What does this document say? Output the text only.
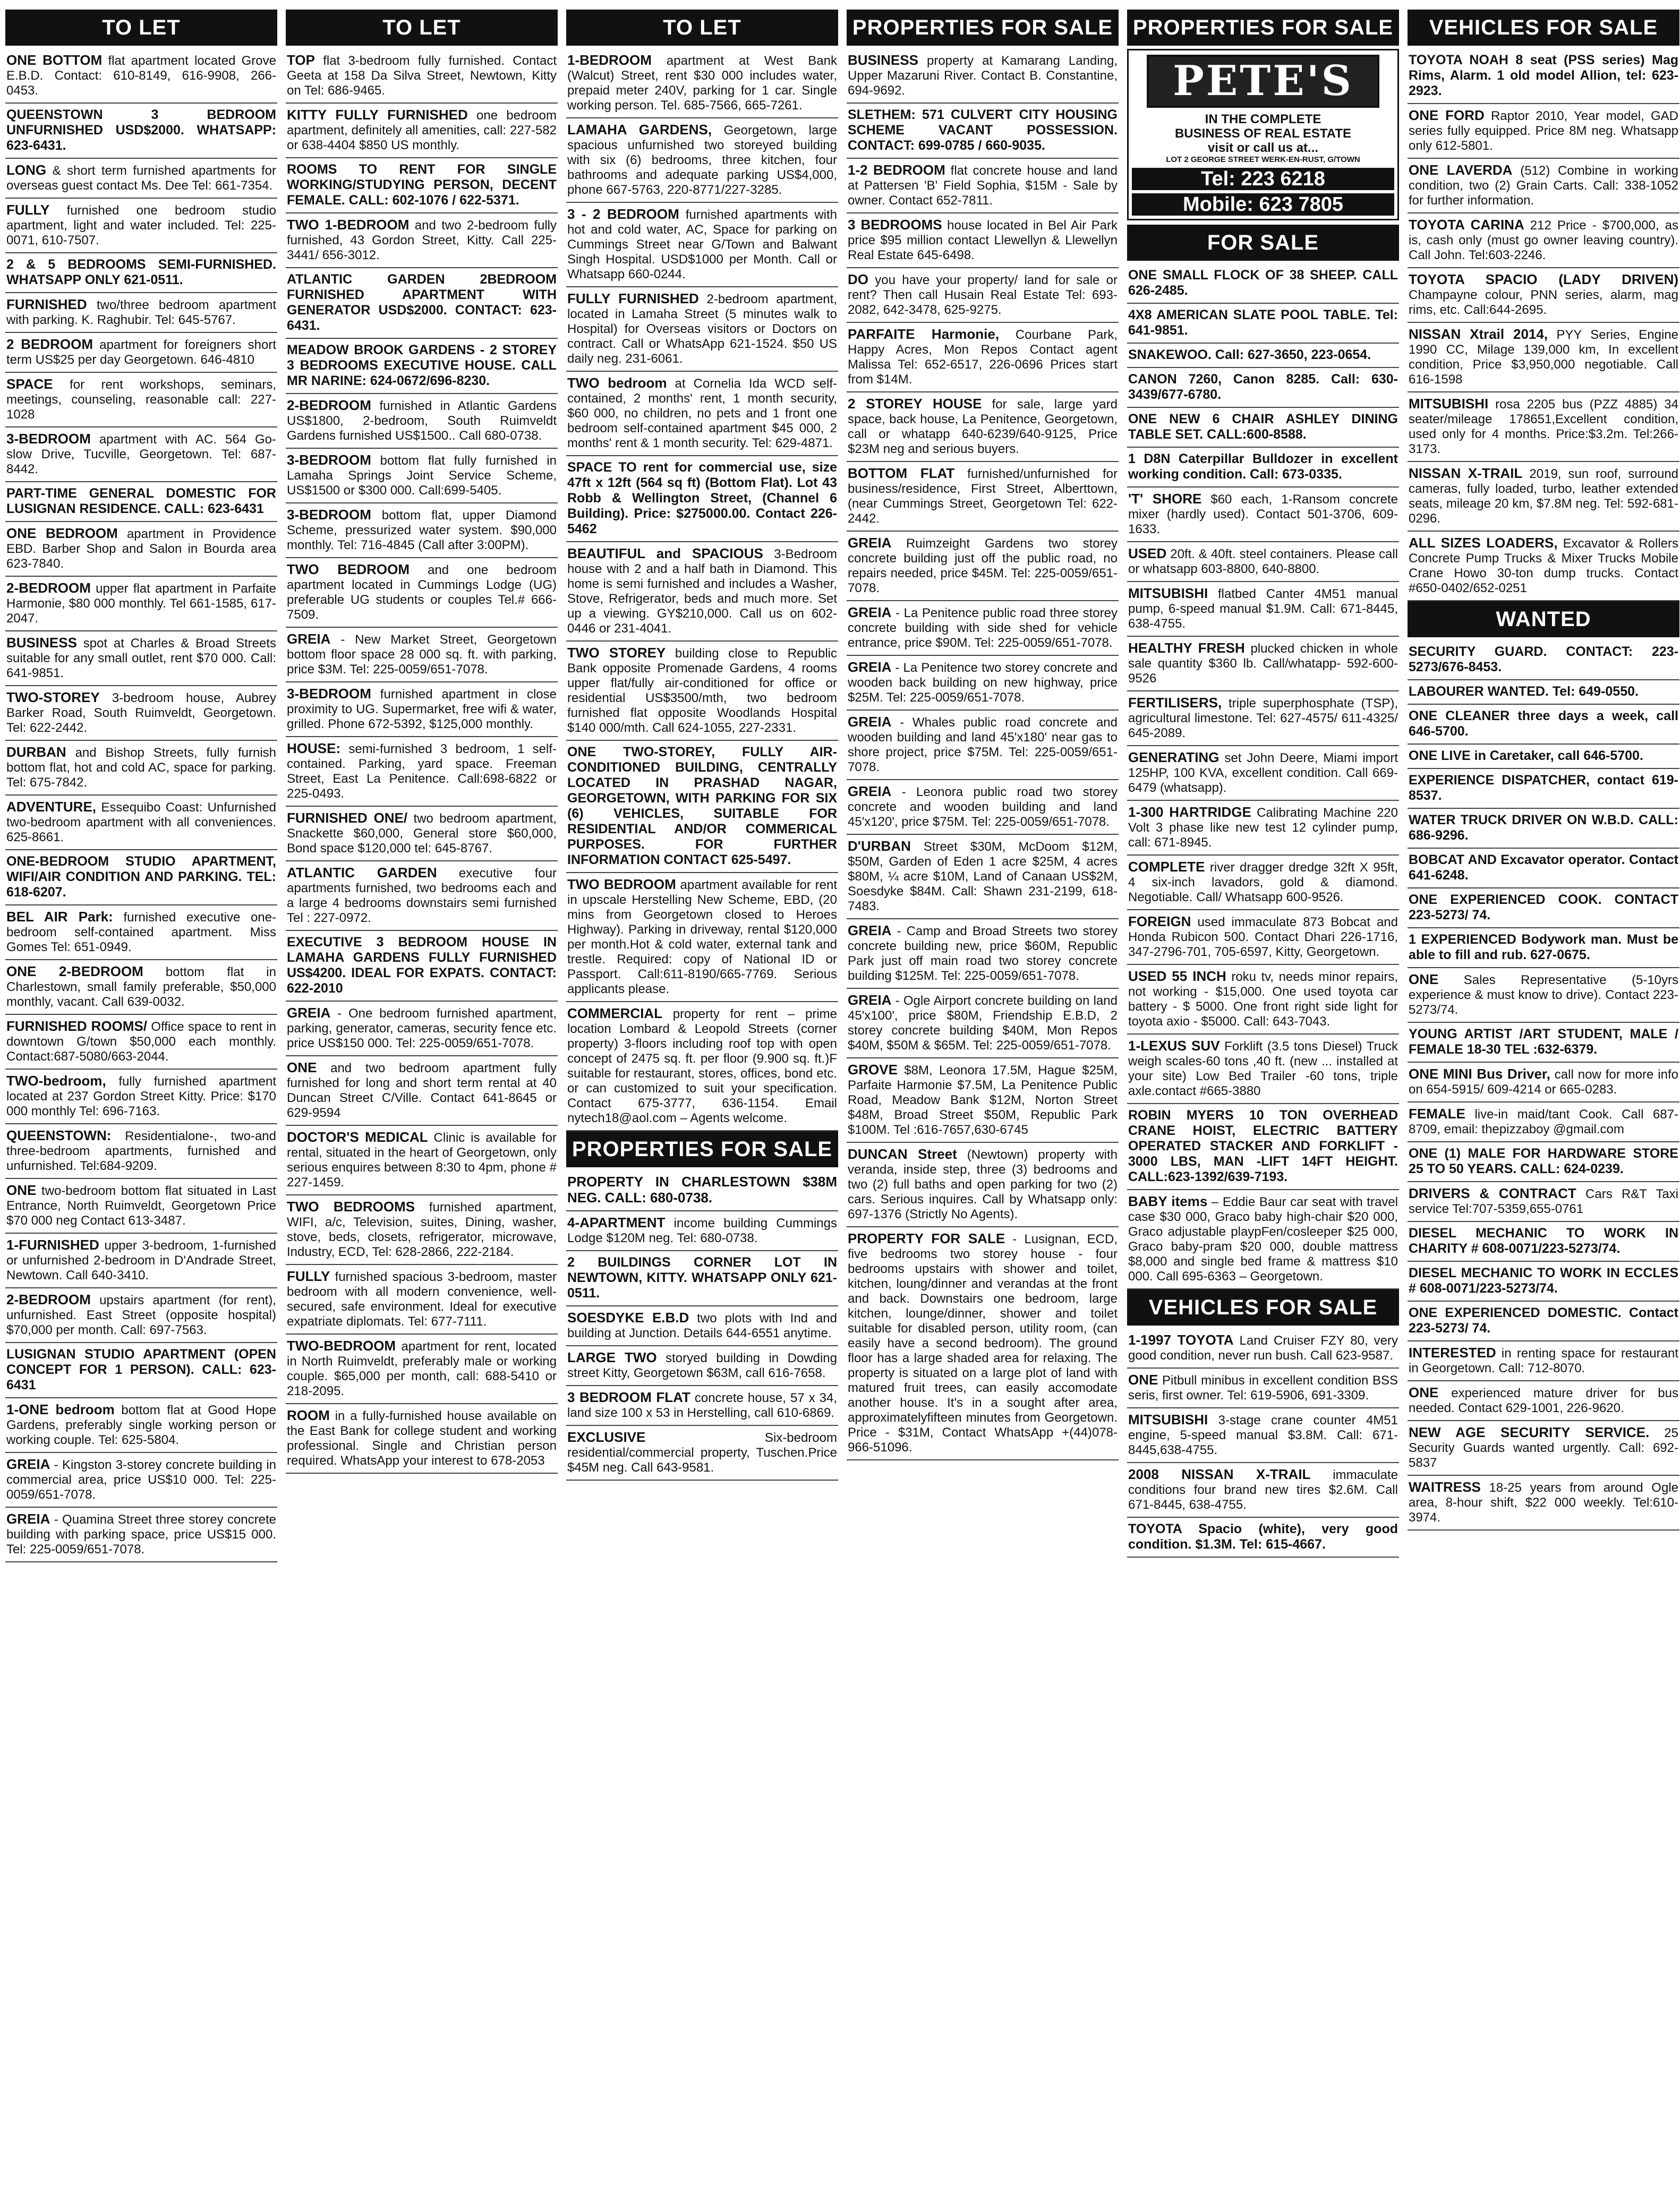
TO LET
ONE BOTTOM flat apartment located Grove E.B.D. Contact: 610-8149, 616-9908, 266-0453.
QUEENSTOWN 3 BEDROOM UNFURNISHED USD$2000. WHATSAPP: 623-6431.
LONG & short term furnished apartments for overseas guest contact Ms. Dee Tel: 661-7354.
FULLY furnished one bedroom studio apartment, light and water included. Tel: 225-0071, 610-7507.
2 & 5 BEDROOMS SEMI-FURNISHED. WHATSAPP ONLY 621-0511.
FURNISHED two/three bedroom apartment with parking. K. Raghubir. Tel: 645-5767.
2 BEDROOM apartment for foreigners short term US$25 per day Georgetown. 646-4810
SPACE for rent workshops, seminars, meetings, counseling, reasonable call: 227-1028
3-BEDROOM apartment with AC. 564 Go-slow Drive, Tucville, Georgetown. Tel: 687-8442.
PART-TIME GENERAL DOMESTIC FOR LUSIGNAN RESIDENCE. CALL: 623-6431
ONE BEDROOM apartment in Providence EBD. Barber Shop and Salon in Bourda area 623-7840.
2-BEDROOM upper flat apartment in Parfaite Harmonie, $80 000 monthly. Tel 661-1585, 617-2047.
BUSINESS spot at Charles & Broad Streets suitable for any small outlet, rent $70 000. Call: 641-9851.
TWO-STOREY 3-bedroom house, Aubrey Barker Road, South Ruimveldt, Georgetown. Tel: 622-2442.
DURBAN and Bishop Streets, fully furnish bottom flat, hot and cold AC, space for parking. Tel: 675-7842.
ADVENTURE, Essequibo Coast: Unfurnished two-bedroom apartment with all conveniences. 625-8661.
ONE-BEDROOM STUDIO APARTMENT, WIFI/AIR CONDITION AND PARKING. TEL: 618-6207.
BEL AIR Park: furnished executive one-bedroom self-contained apartment. Miss Gomes Tel: 651-0949.
ONE 2-BEDROOM bottom flat in Charlestown, small family preferable, $50,000 monthly, vacant. Call 639-0032.
FURNISHED ROOMS/ Office space to rent in downtown G/town $50,000 each monthly. Contact:687-5080/663-2044.
TWO-bedroom, fully furnished apartment located at 237 Gordon Street Kitty. Price: $170 000 monthly Tel: 696-7163.
QUEENSTOWN: Residentialone-, two-and three-bedroom apartments, furnished and unfurnished. Tel:684-9209.
ONE two-bedroom bottom flat situated in Last Entrance, North Ruimveldt, Georgetown Price $70 000 neg Contact 613-3487.
1-FURNISHED upper 3-bedroom, 1-furnished or unfurnished 2-bedroom in D'Andrade Street, Newtown. Call 640-3410.
2-BEDROOM upstairs apartment (for rent), unfurnished. East Street (opposite hospital) $70,000 per month. Call: 697-7563.
LUSIGNAN STUDIO APARTMENT (OPEN CONCEPT FOR 1 PERSON). CALL: 623-6431
1-ONE bedroom bottom flat at Good Hope Gardens, preferably single working person or working couple. Tel: 625-5804.
GREIA - Kingston 3-storey concrete building in commercial area, price US$10 000. Tel: 225-0059/651-7078.
GREIA - Quamina Street three storey concrete building with parking space, price US$15 000. Tel: 225-0059/651-7078.
TO LET
TOP flat 3-bedroom fully furnished. Contact Geeta at 158 Da Silva Street, Newtown, Kitty on Tel: 686-9465.
KITTY FULLY FURNISHED one bedroom apartment, definitely all amenities, call: 227-582 or 638-4404 $850 US monthly.
ROOMS TO RENT FOR SINGLE WORKING/STUDYING PERSON, DECENT FEMALE. CALL: 602-1076 / 622-5371.
TWO 1-BEDROOM and two 2-bedroom fully furnished, 43 Gordon Street, Kitty. Call 225- 3441/ 656-3012.
ATLANTIC GARDEN 2BEDROOM FURNISHED APARTMENT WITH GENERATOR USD$2000. CONTACT: 623-6431.
MEADOW BROOK GARDENS - 2 STOREY 3 BEDROOMS EXECUTIVE HOUSE. CALL MR NARINE: 624-0672/696-8230.
2-BEDROOM furnished in Atlantic Gardens US$1800, 2-bedroom, South Ruimveldt Gardens furnished US$1500.. Call 680-0738.
3-BEDROOM bottom flat fully furnished in Lamaha Springs Joint Service Scheme, US$1500 or $300 000. Call:699-5405.
3-BEDROOM bottom flat, upper Diamond Scheme, pressurized water system. $90,000 monthly. Tel: 716-4845 (Call after 3:00PM).
TWO BEDROOM and one bedroom apartment located in Cummings Lodge (UG) preferable UG students or couples Tel.# 666-7509.
GREIA - New Market Street, Georgetown bottom floor space 28 000 sq. ft. with parking, price $3M. Tel: 225-0059/651-7078.
3-BEDROOM furnished apartment in close proximity to UG. Supermarket, free wifi & water, grilled. Phone 672-5392, $125,000 monthly.
HOUSE: semi-furnished 3 bedroom, 1 self-contained. Parking, yard space. Freeman Street, East La Penitence. Call:698-6822 or 225-0493.
FURNISHED ONE/ two bedroom apartment, Snackette $60,000, General store $60,000, Bond space $120,000 tel: 645-8767.
ATLANTIC GARDEN executive four apartments furnished, two bedrooms each and a large 4 bedrooms downstairs semi furnished Tel : 227-0972.
EXECUTIVE 3 BEDROOM HOUSE IN LAMAHA GARDENS FULLY FURNISHED US$4200. IDEAL FOR EXPATS. CONTACT: 622-2010
GREIA - One bedroom furnished apartment, parking, generator, cameras, security fence etc. price US$150 000. Tel: 225-0059/651-7078.
ONE and two bedroom apartment fully furnished for long and short term rental at 40 Duncan Street C/Ville. Contact 641-8645 or 629-9594
DOCTOR'S MEDICAL Clinic is available for rental, situated in the heart of Georgetown, only serious enquires between 8:30 to 4pm, phone # 227-1459.
TWO BEDROOMS furnished apartment, WIFI, a/c, Television, suites, Dining, washer, stove, beds, closets, refrigerator, microwave, Industry, ECD, Tel: 628-2866, 222-2184.
FULLY furnished spacious 3-bedroom, master bedroom with all modern convenience, well-secured, safe environment. Ideal for executive expatriate diplomats. Tel: 677-7111.
TWO-BEDROOM apartment for rent, located in North Ruimveldt, preferably male or working couple. $65,000 per month, call: 688-5410 or 218-2095.
ROOM in a fully-furnished house available on the East Bank for college student and working professional. Single and Christian person required. WhatsApp your interest to 678-2053
TO LET
1-BEDROOM apartment at West Bank (Walcut) Street, rent $30 000 includes water, prepaid meter 240V, parking for 1 car. Single working person. Tel. 685-7566, 665-7261.
LAMAHA GARDENS, Georgetown, large spacious unfurnished two storeyed building with six (6) bedrooms, three kitchen, four bathrooms and adequate parking US$4,000, phone 667-5763, 220-8771/227-3285.
3 - 2 BEDROOM furnished apartments with hot and cold water, AC, Space for parking on Cummings Street near G/Town and Balwant Singh Hospital. USD$1000 per Month. Call or Whatsapp 660-0244.
FULLY FURNISHED 2-bedroom apartment, located in Lamaha Street (5 minutes walk to Hospital) for Overseas visitors or Doctors on contract. Call or WhatsApp 621-1524. $50 US daily neg. 231-6061.
TWO bedroom at Cornelia Ida WCD self-contained, 2 months' rent, 1 month security, $60 000, no children, no pets and 1 front one bedroom self-contained apartment $45 000, 2 months' rent & 1 month security. Tel: 629-4871.
SPACE TO rent for commercial use, size 47ft x 12ft (564 sq ft) (Bottom Flat). Lot 43 Robb & Wellington Street, (Channel 6 Building). Price: $275000.00. Contact 226-5462
BEAUTIFUL and SPACIOUS 3-Bedroom house with 2 and a half bath in Diamond. This home is semi furnished and includes a Washer, Stove, Refrigerator, beds and much more. Set up a viewing. GY$210,000. Call us on 602-0446 or 231-4041.
TWO STOREY building close to Republic Bank opposite Promenade Gardens, 4 rooms upper flat/fully air-conditioned for office or residential US$3500/mth, two bedroom furnished flat opposite Woodlands Hospital $140 000/mth. Call 624-1055, 227-2331.
ONE TWO-STOREY, FULLY AIR-CONDITIONED BUILDING, CENTRALLY LOCATED IN PRASHAD NAGAR, GEORGETOWN, WITH PARKING FOR SIX (6) VEHICLES, SUITABLE FOR RESIDENTIAL AND/OR COMMERICAL PURPOSES. FOR FURTHER INFORMATION CONTACT 625-5497.
TWO BEDROOM apartment available for rent in upscale Herstelling New Scheme, EBD, (20 mins from Georgetown closed to Heroes Highway). Parking in driveway, rental $120,000 per month.Hot & cold water, external tank and trestle. Required: copy of National ID or Passport. Call:611-8190/665-7769. Serious applicants please.
COMMERCIAL property for rent – prime location Lombard & Leopold Streets (corner property) 3-floors including roof top with open concept of 2475 sq. ft. per floor (9.900 sq. ft.)F suitable for restaurant, stores, offices, bond etc. or can customized to suit your specification. Contact 675-3777, 636-1154. Email nytech18@aol.com – Agents welcome.
PROPERTIES FOR SALE
PROPERTY IN CHARLESTOWN $38M NEG. CALL: 680-0738.
4-APARTMENT income building Cummings Lodge $120M neg. Tel: 680-0738.
2 BUILDINGS CORNER LOT IN NEWTOWN, KITTY. WHATSAPP ONLY 621-0511.
SOESDYKE E.B.D two plots with Ind and building at Junction. Details 644-6551 anytime.
LARGE TWO storyed building in Dowding street Kitty, Georgetown $63M, call 616-7658.
3 BEDROOM FLAT concrete house, 57 x 34, land size 100 x 53 in Herstelling, call 610-6869.
EXCLUSIVE Six-bedroom residential/commercial property, Tuschen.Price $45M neg. Call 643-9581.
PROPERTIES FOR SALE
BUSINESS property at Kamarang Landing, Upper Mazaruni River. Contact B. Constantine, 694-9692.
SLETHEM: 571 CULVERT CITY HOUSING SCHEME VACANT POSSESSION. CONTACT: 699-0785 / 660-9035.
1-2 BEDROOM flat concrete house and land at Pattersen 'B' Field Sophia, $15M - Sale by owner. Contact 652-7811.
3 BEDROOMS house located in Bel Air Park price $95 million contact Llewellyn & Llewellyn Real Estate 645-6498.
DO you have your property/ land for sale or rent? Then call Husain Real Estate Tel: 693-2082, 642-3478, 625-9275.
PARFAITE Harmonie, Courbane Park, Happy Acres, Mon Repos Contact agent Malissa Tel: 652-6517, 226-0696 Prices start from $14M.
2 STOREY HOUSE for sale, large yard space, back house, La Penitence, Georgetown, call or whatapp 640-6239/640-9125, Price $23M neg and serious buyers.
BOTTOM FLAT furnished/unfurnished for business/residence, First Street, Alberttown, (near Cummings Street, Georgetown Tel: 622-2442.
GREIA Ruimzeight Gardens two storey concrete building just off the public road, no repairs needed, price $45M. Tel: 225-0059/651-7078.
GREIA - La Penitence public road three storey concrete building with side shed for vehicle entrance, price $90M. Tel: 225-0059/651-7078.
GREIA - La Penitence two storey concrete and wooden back building on new highway, price $25M. Tel: 225-0059/651-7078.
GREIA - Whales public road concrete and wooden building and land 45'x180' near gas to shore project, price $75M. Tel: 225-0059/651-7078.
GREIA - Leonora public road two storey concrete and wooden building and land 45'x120', price $75M. Tel: 225-0059/651-7078.
D'URBAN Street $30M, McDoom $12M, $50M, Garden of Eden 1 acre $25M, 4 acres $80M, ¼ acre $10M, Land of Canaan US$2M, Soesdyke $84M. Call: Shawn 231-2199, 618-7483.
GREIA - Camp and Broad Streets two storey concrete building new, price $60M, Republic Park just off main road two storey concrete building $125M. Tel: 225-0059/651-7078.
GREIA - Ogle Airport concrete building on land 45'x100', price $80M, Friendship E.B.D, 2 storey concrete building $40M, Mon Repos $40M, $50M & $65M. Tel: 225-0059/651-7078.
GROVE $8M, Leonora 17.5M, Hague $25M, Parfaite Harmonie $7.5M, La Penitence Public Road, Meadow Bank $12M, Norton Street $48M, Broad Street $50M, Republic Park $100M. Tel :616-7657,630-6745
DUNCAN Street (Newtown) property with veranda, inside step, three (3) bedrooms and two (2) full baths and open parking for two (2) cars. Serious inquires. Call by Whatsapp only: 697-1376 (Strictly No Agents).
PROPERTY FOR SALE - Lusignan, ECD, five bedrooms two storey house - four bedrooms upstairs with shower and toilet, kitchen, loung/dinner and verandas at the front and back. Downstairs one bedroom, large kitchen, lounge/dinner, shower and toilet suitable for disabled person, utility room, (can easily have a second bedroom). The ground floor has a large shaded area for relaxing. The property is situated on a large plot of land with matured fruit trees, can easily accomodate another house. It's in a sought after area, approximatelyfifteen minutes from Georgetown. Price - $31M, Contact WhatsApp +(44)078-966-51096.
PROPERTIES FOR SALE
PETE'S
IN THE COMPLETE
BUSINESS OF REAL ESTATE
visit or call us at...
LOT 2 GEORGE STREET WERK-EN-RUST, G/TOWN
Tel: 223 6218
Mobile: 623 7805
FOR SALE
ONE SMALL FLOCK OF 38 SHEEP. CALL 626-2485.
4X8 AMERICAN SLATE POOL TABLE. Tel: 641-9851.
SNAKEWOO. Call: 627-3650, 223-0654.
CANON 7260, Canon 8285. Call: 630-3439/677-6780.
ONE NEW 6 CHAIR ASHLEY DINING TABLE SET. CALL:600-8588.
1 D8N Caterpillar Bulldozer in excellent working condition. Call: 673-0335.
'T' SHORE $60 each, 1-Ransom concrete mixer (hardly used). Contact 501-3706, 609-1633.
USED 20ft. & 40ft. steel containers. Please call or whatsapp 603-8800, 640-8800.
MITSUBISHI flatbed Canter 4M51 manual pump, 6-speed manual $1.9M. Call: 671-8445, 638-4755.
HEALTHY FRESH plucked chicken in whole sale quantity $360 lb. Call/whatapp- 592-600-9526
FERTILISERS, triple superphosphate (TSP), agricultural limestone. Tel: 627-4575/ 611-4325/ 645-2089.
GENERATING set John Deere, Miami import 125HP, 100 KVA, excellent condition. Call 669-6479 (whatsapp).
1-300 HARTRIDGE Calibrating Machine 220 Volt 3 phase like new test 12 cylinder pump, call: 671-8945.
COMPLETE river dragger dredge 32ft X 95ft, 4 six-inch lavadors, gold & diamond. Negotiable. Call/ Whatsapp 600-9526.
FOREIGN used immaculate 873 Bobcat and Honda Rubicon 500. Contact Dhari 226-1716, 347-2796-701, 705-6597, Kitty, Georgetown.
USED 55 INCH roku tv, needs minor repairs, not working - $15,000. One used toyota car battery - $ 5000. One front right side light for toyota axio - $5000. Call: 643-7043.
1-LEXUS SUV Forklift (3.5 tons Diesel) Truck weigh scales-60 tons ,40 ft. (new ... installed at your site) Low Bed Trailer -60 tons, triple axle.contact #665-3880
ROBIN MYERS 10 TON OVERHEAD CRANE HOIST, ELECTRIC BATTERY OPERATED STACKER AND FORKLIFT - 3000 LBS, MAN -LIFT 14FT HEIGHT. CALL:623-1392/639-7193.
BABY items – Eddie Baur car seat with travel case $30 000, Graco baby high-chair $20 000, Graco adjustable playpFen/cosleeper $25 000, Graco baby-pram $20 000, double mattress $8,000 and single bed frame & mattress $10 000. Call 695-6363 – Georgetown.
VEHICLES FOR SALE
1-1997 TOYOTA Land Cruiser FZY 80, very good condition, never run bush. Call 623-9587.
ONE Pitbull minibus in excellent condition BSS seris, first owner. Tel: 619-5906, 691-3309.
MITSUBISHI 3-stage crane counter 4M51 engine, 5-speed manual $3.8M. Call: 671-8445,638-4755.
2008 NISSAN X-TRAIL immaculate conditions four brand new tires $2.6M. Call 671-8445, 638-4755.
TOYOTA Spacio (white), very good condition. $1.3M. Tel: 615-4667.
VEHICLES FOR SALE
TOYOTA NOAH 8 seat (PSS series) Mag Rims, Alarm. 1 old model Allion, tel: 623-2923.
ONE FORD Raptor 2010, Year model, GAD series fully equipped. Price 8M neg. Whatsapp only 612-5801.
ONE LAVERDA (512) Combine in working condition, two (2) Grain Carts. Call: 338-1052 for further information.
TOYOTA CARINA 212 Price - $700,000, as is, cash only (must go owner leaving country). Call John. Tel:603-2246.
TOYOTA SPACIO (LADY DRIVEN) Champayne colour, PNN series, alarm, mag rims, etc. Call:644-2695.
NISSAN Xtrail 2014, PYY Series, Engine 1990 CC, Milage 139,000 km, In excellent condition, Price $3,950,000 negotiable. Call 616-1598
MITSUBISHI rosa 2205 bus (PZZ 4885) 34 seater/mileage 178651,Excellent condition, used only for 4 months. Price:$3.2m. Tel:266-3173.
NISSAN X-TRAIL 2019, sun roof, surround cameras, fully loaded, turbo, leather extended seats, mileage 20 km, $7.8M neg. Tel: 592-681-0296.
ALL SIZES LOADERS, Excavator & Rollers Concrete Pump Trucks & Mixer Trucks Mobile Crane Howo 30-ton dump trucks. Contact #650-0402/652-0251
WANTED
SECURITY GUARD. CONTACT: 223-5273/676-8453.
LABOURER WANTED. Tel: 649-0550.
ONE CLEANER three days a week, call 646-5700.
ONE LIVE in Caretaker, call 646-5700.
EXPERIENCE DISPATCHER, contact 619-8537.
WATER TRUCK DRIVER ON W.B.D. CALL: 686-9296.
BOBCAT AND Excavator operator. Contact 641-6248.
ONE EXPERIENCED COOK. CONTACT 223-5273/ 74.
1 EXPERIENCED Bodywork man. Must be able to fill and rub. 627-0675.
ONE Sales Representative (5-10yrs experience & must know to drive). Contact 223-5273/74.
YOUNG ARTIST /ART STUDENT, MALE / FEMALE 18-30 TEL :632-6379.
ONE MINI Bus Driver, call now for more info on 654-5915/ 609-4214 or 665-0283.
FEMALE live-in maid/tant Cook. Call 687-8709, email: thepizzaboy @gmail.com
ONE (1) MALE FOR HARDWARE STORE 25 TO 50 YEARS. CALL: 624-0239.
DRIVERS & CONTRACT Cars R&T Taxi service Tel:707-5359,655-0761
DIESEL MECHANIC TO WORK IN CHARITY # 608-0071/223-5273/74.
DIESEL MECHANIC TO WORK IN ECCLES # 608-0071/223-5273/74.
ONE EXPERIENCED DOMESTIC. Contact 223-5273/ 74.
INTERESTED in renting space for restaurant in Georgetown. Call: 712-8070.
ONE experienced mature driver for bus needed. Contact 629-1001, 226-9620.
NEW AGE SECURITY SERVICE. 25 Security Guards wanted urgently. Call: 692-5837
WAITRESS 18-25 years from around Ogle area, 8-hour shift, $22 000 weekly. Tel:610-3974.
